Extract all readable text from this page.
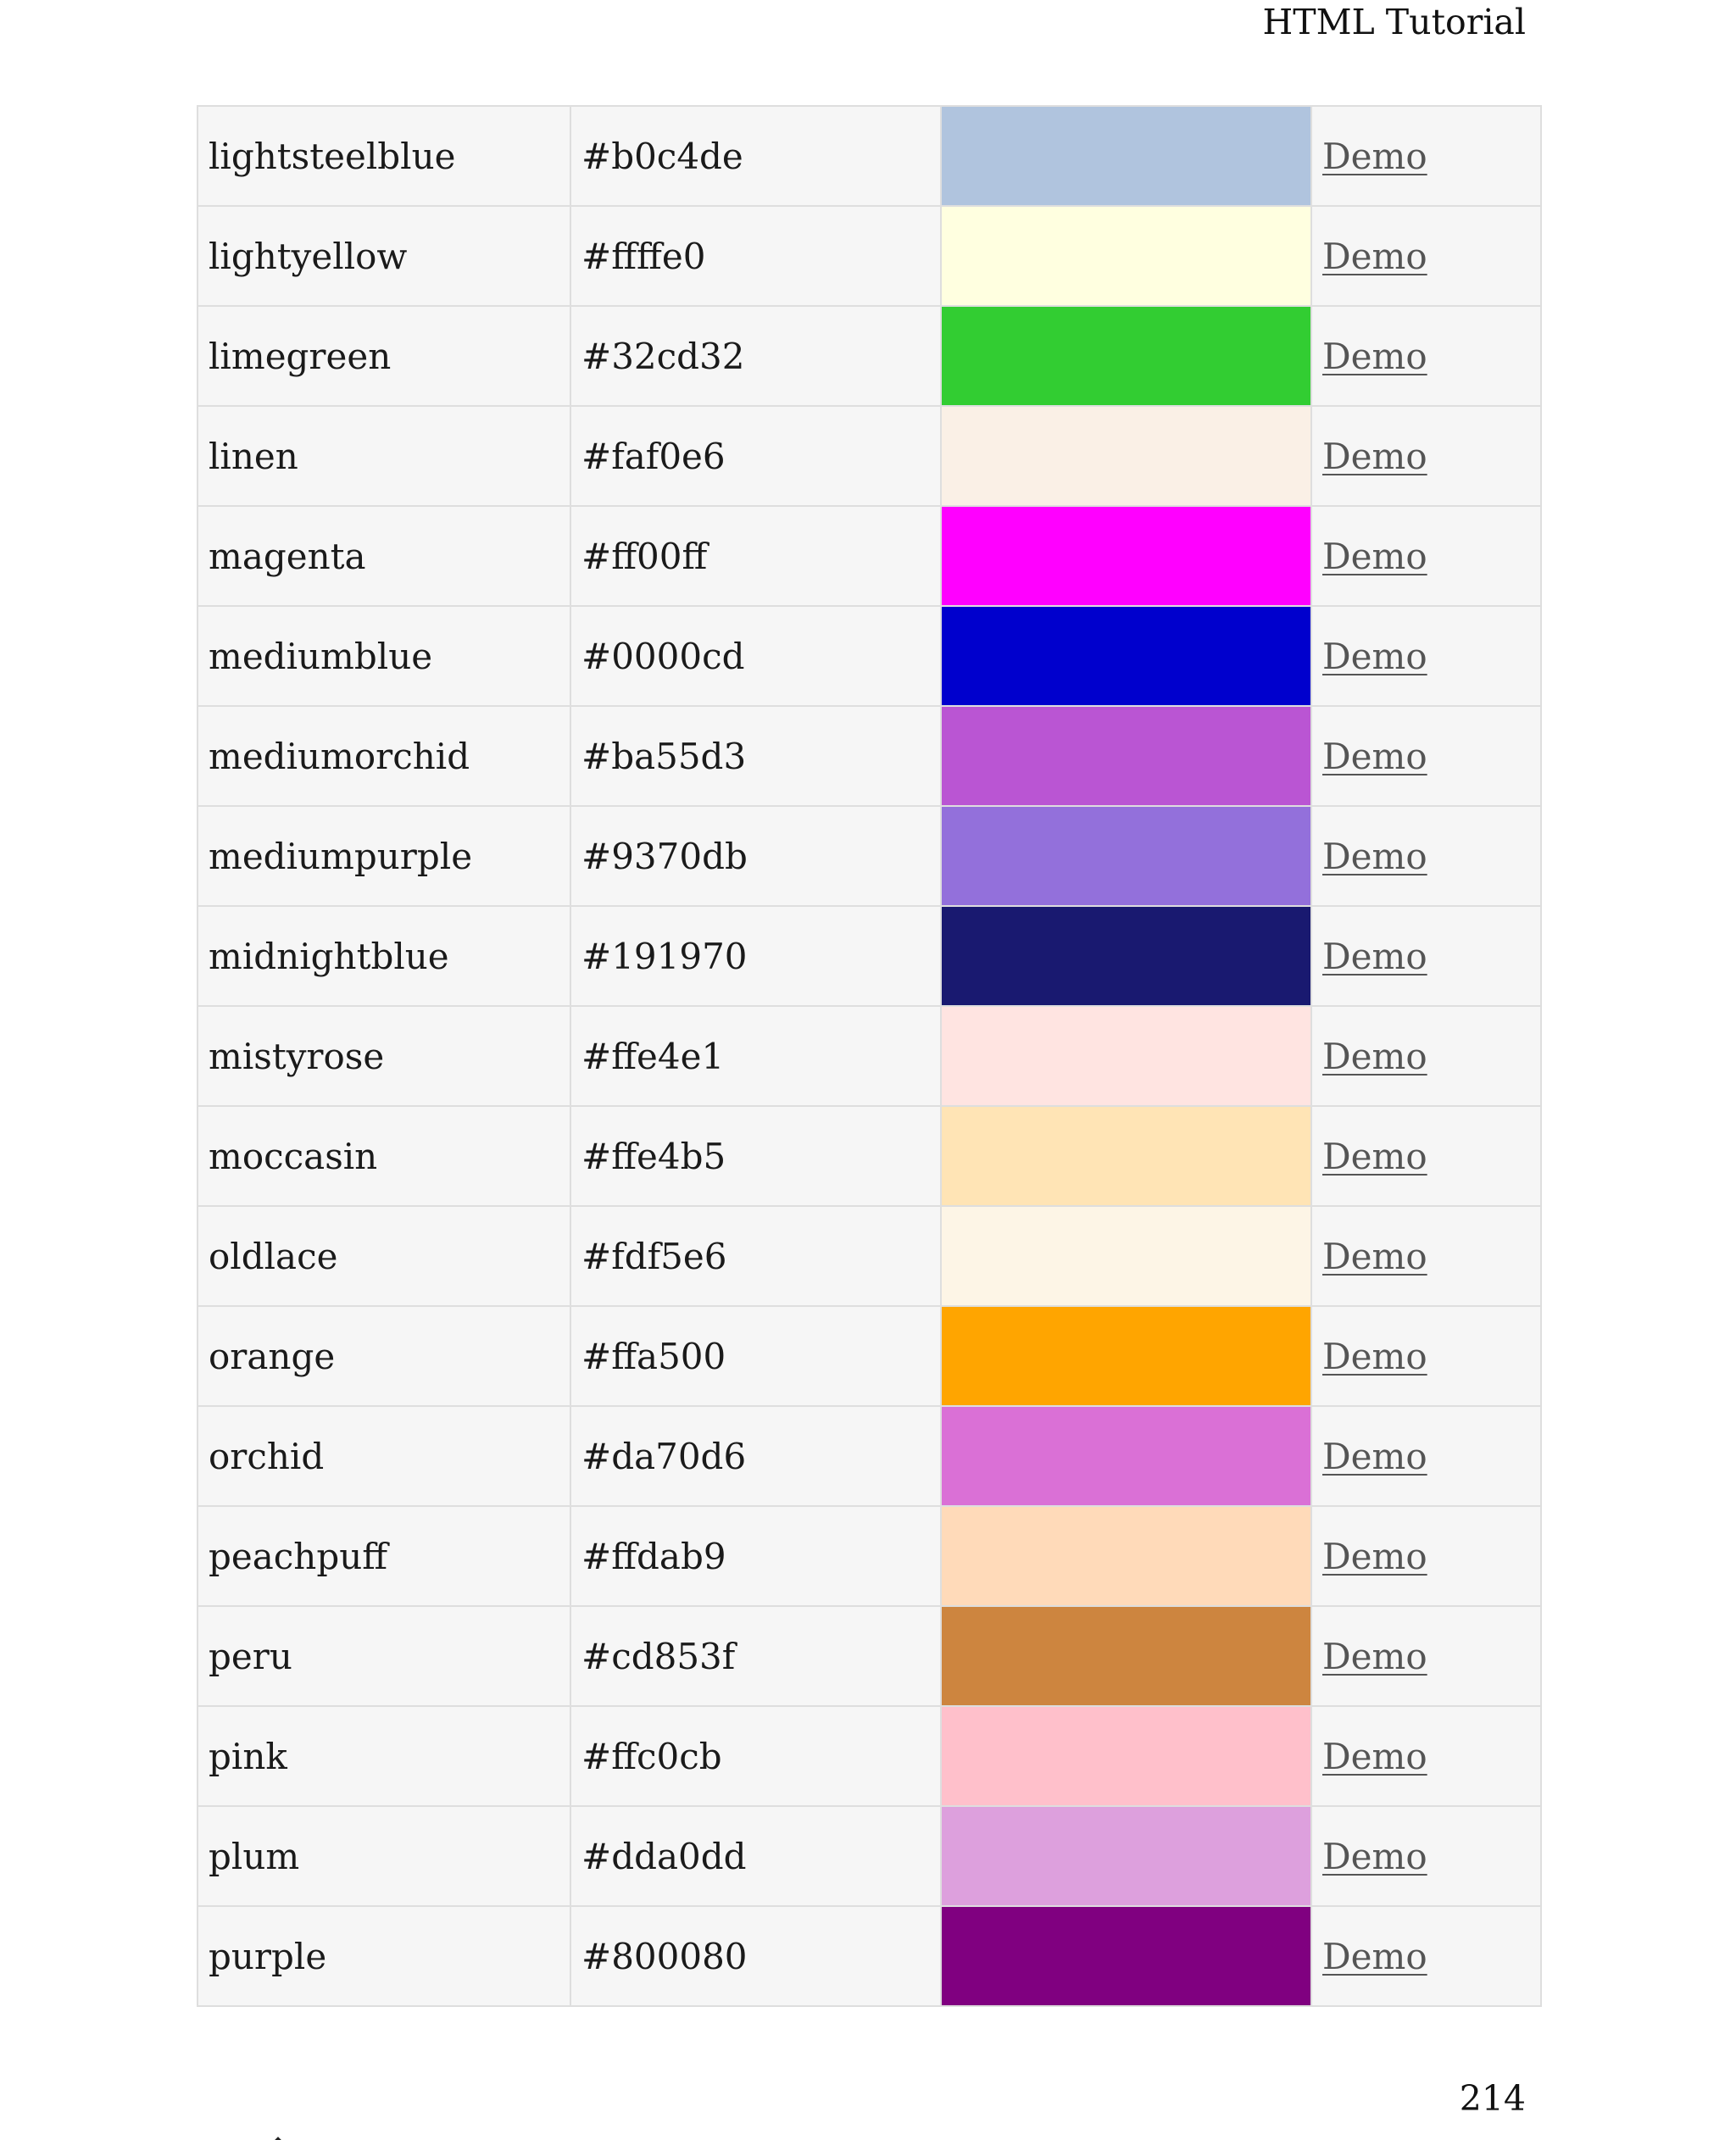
HTML Tutorial
lightsteelblue	#b0c4de		Demo
lightyellow	#ffffe0		Demo
limegreen	#32cd32		Demo
linen	#faf0e6		Demo
magenta	#ff00ff		Demo
mediumblue	#0000cd		Demo
mediumorchid	#ba55d3		Demo
mediumpurple	#9370db		Demo
midnightblue	#191970		Demo
mistyrose	#ffe4e1		Demo
moccasin	#ffe4b5		Demo
oldlace	#fdf5e6		Demo
orange	#ffa500		Demo
orchid	#da70d6		Demo
peachpuff	#ffdab9		Demo
peru	#cd853f		Demo
pink	#ffc0cb		Demo
plum	#dda0dd		Demo
purple	#800080		Demo
214
